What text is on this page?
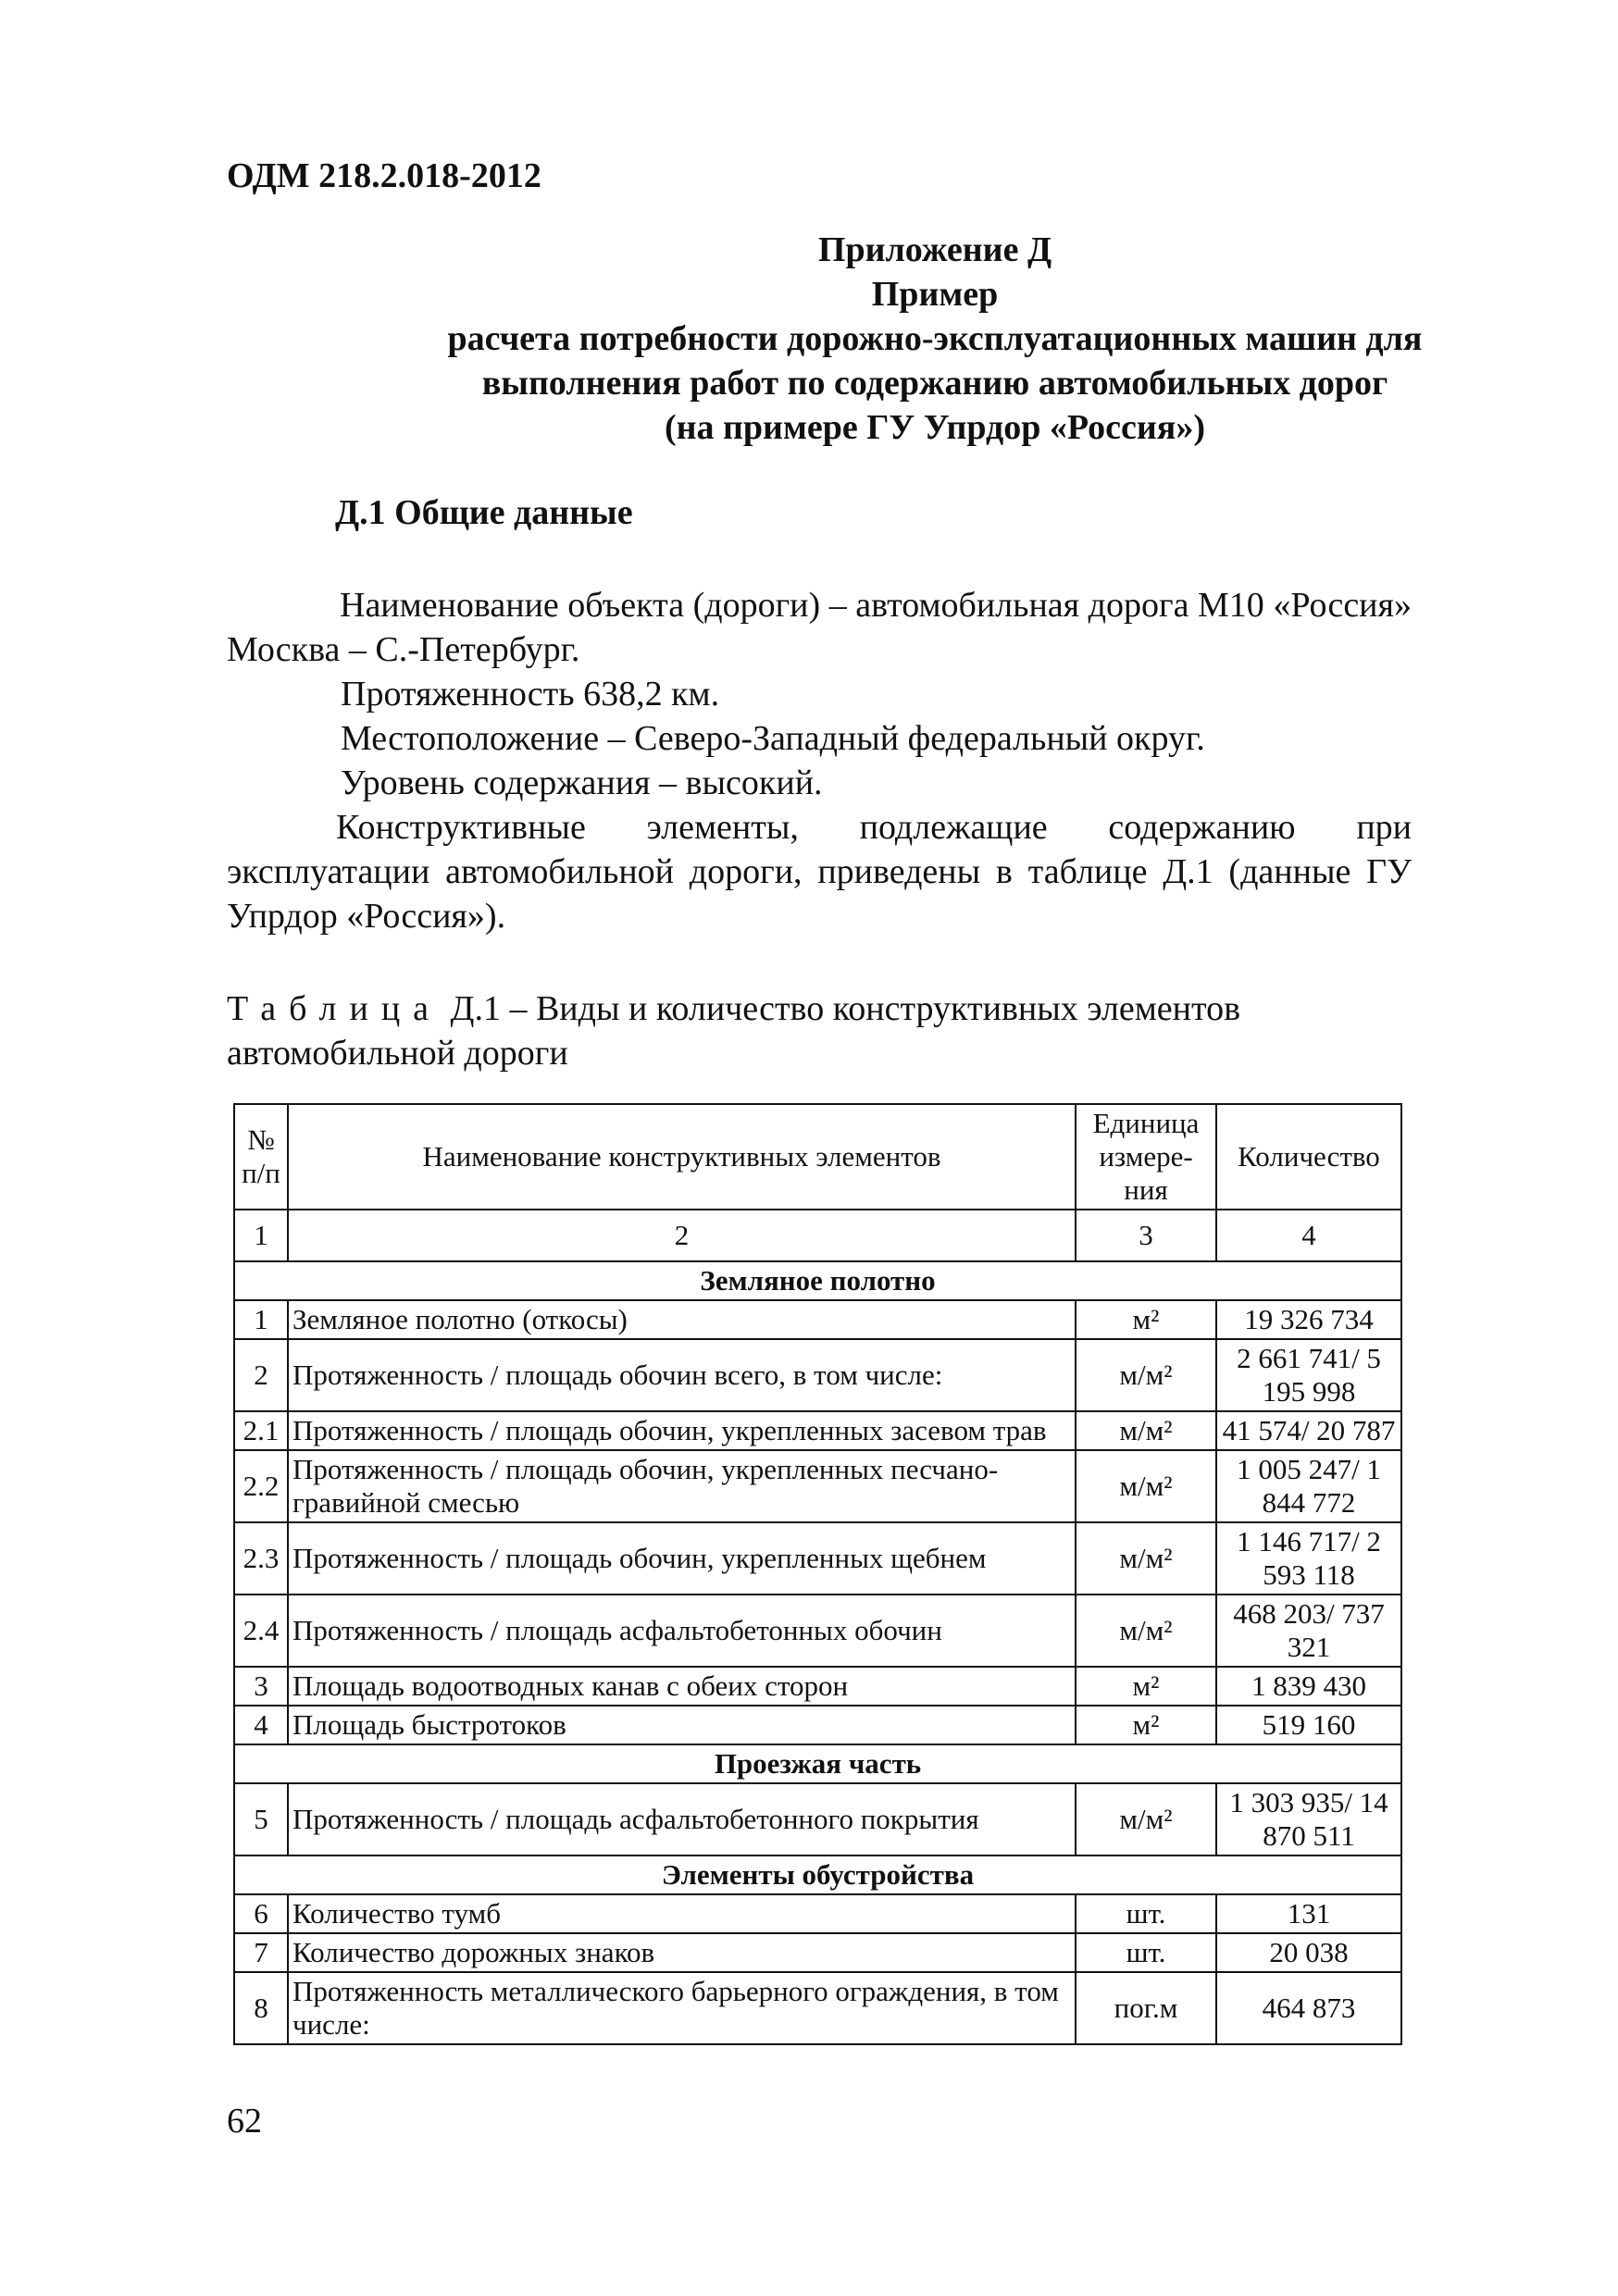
ОДМ 218.2.018-2012
Приложение Д
Пример
расчета потребности дорожно-эксплуатационных машин для
выполнения работ по содержанию автомобильных дорог
(на примере ГУ Упрдор «Россия»)
Д.1 Общие данные
Наименование объекта (дороги) – автомобильная дорога М10 «Россия» Москва – С.-Петербург.
Протяженность 638,2 км.
Местоположение – Северо-Западный федеральный округ.
Уровень содержания – высокий.
Конструктивные элементы, подлежащие содержанию при эксплуатации автомобильной дороги, приведены в таблице Д.1 (данные ГУ Упрдор «Россия»).
Таблица Д.1 – Виды и количество конструктивных элементов автомобильной дороги
№ п/п	Наименование конструктивных элементов	Единица измере-ния	Количество
1	2	3	4
Земляное полотно			
1	Земляное полотно (откосы)	м²	19 326 734
2	Протяженность / площадь обочин всего, в том числе:	м/м²	2 661 741/ 5 195 998
2.1	Протяженность / площадь обочин, укрепленных засевом трав	м/м²	41 574/ 20 787
2.2	Протяженность / площадь обочин, укрепленных песчано-гравийной смесью	м/м²	1 005 247/ 1 844 772
2.3	Протяженность / площадь обочин, укрепленных щебнем	м/м²	1 146 717/ 2 593 118
2.4	Протяженность / площадь асфальтобетонных обочин	м/м²	468 203/ 737 321
3	Площадь водоотводных канав с обеих сторон	м²	1 839 430
4	Площадь быстротоков	м²	519 160
Проезжая часть			
5	Протяженность / площадь асфальтобетонного покрытия	м/м²	1 303 935/ 14 870 511
Элементы обустройства			
6	Количество тумб	шт.	131
7	Количество дорожных знаков	шт.	20 038
8	Протяженность металлического барьерного ограждения, в том числе:	пог.м	464 873
62
